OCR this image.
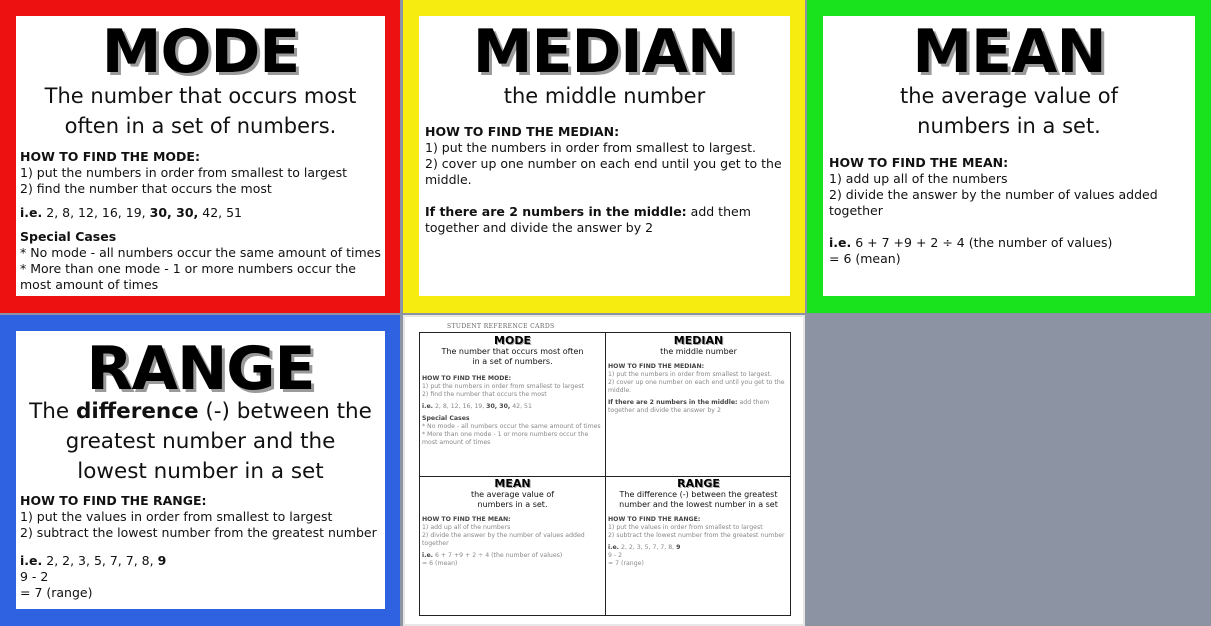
MODE
The number that occurs most
often in a set of numbers.
HOW TO FIND THE MODE:
1) put the numbers in order from smallest to largest
2) find the number that occurs the most
i.e. 2, 8, 12, 16, 19, 30, 30, 42, 51
Special Cases
* No mode - all numbers occur the same amount of times
* More than one mode - 1 or more numbers occur the most amount of times
MEDIAN
the middle number
HOW TO FIND THE MEDIAN:
1) put the numbers in order from smallest to largest.
2) cover up one number on each end until you get to the middle.
If there are 2 numbers in the middle: add them together and divide the answer by 2
MEAN
the average value of
numbers in a set.
HOW TO FIND THE MEAN:
1) add up all of the numbers
2) divide the answer by the number of values added together
i.e. 6 + 7 +9 + 2 ÷ 4 (the number of values)
= 6 (mean)
RANGE
The difference (-) between the
greatest number and the
lowest number in a set
HOW TO FIND THE RANGE:
1) put the values in order from smallest to largest
2) subtract the lowest number from the greatest number
i.e. 2, 2, 3, 5, 7, 7, 8, 9
9 - 2
= 7 (range)
STUDENT REFERENCE CARDS
MODE
The number that occurs most often in a set of numbers.
HOW TO FIND THE MODE:
1) put the numbers in order from smallest to largest
2) find the number that occurs the most
i.e. 2, 8, 12, 16, 19, 30, 30, 42, 51
Special Cases
* No mode - all numbers occur the same amount of times
* More than one mode - 1 or more numbers occur the most amount of times
MEDIAN
the middle number
HOW TO FIND THE MEDIAN:
1) put the numbers in order from smallest to largest.
2) cover up one number on each end until you get to the middle.
If there are 2 numbers in the middle: add them together and divide the answer by 2
MEAN
the average value of numbers in a set.
HOW TO FIND THE MEAN:
1) add up all of the numbers
2) divide the answer by the number of values added together
i.e. 6 + 7 +9 + 2 ÷ 4 (the number of values)
= 6 (mean)
RANGE
The difference (-) between the greatest number and the lowest number in a set
HOW TO FIND THE RANGE:
1) put the values in order from smallest to largest
2) subtract the lowest number from the greatest number
i.e. 2, 2, 3, 5, 7, 7, 8, 9
9 - 2
= 7 (range)
